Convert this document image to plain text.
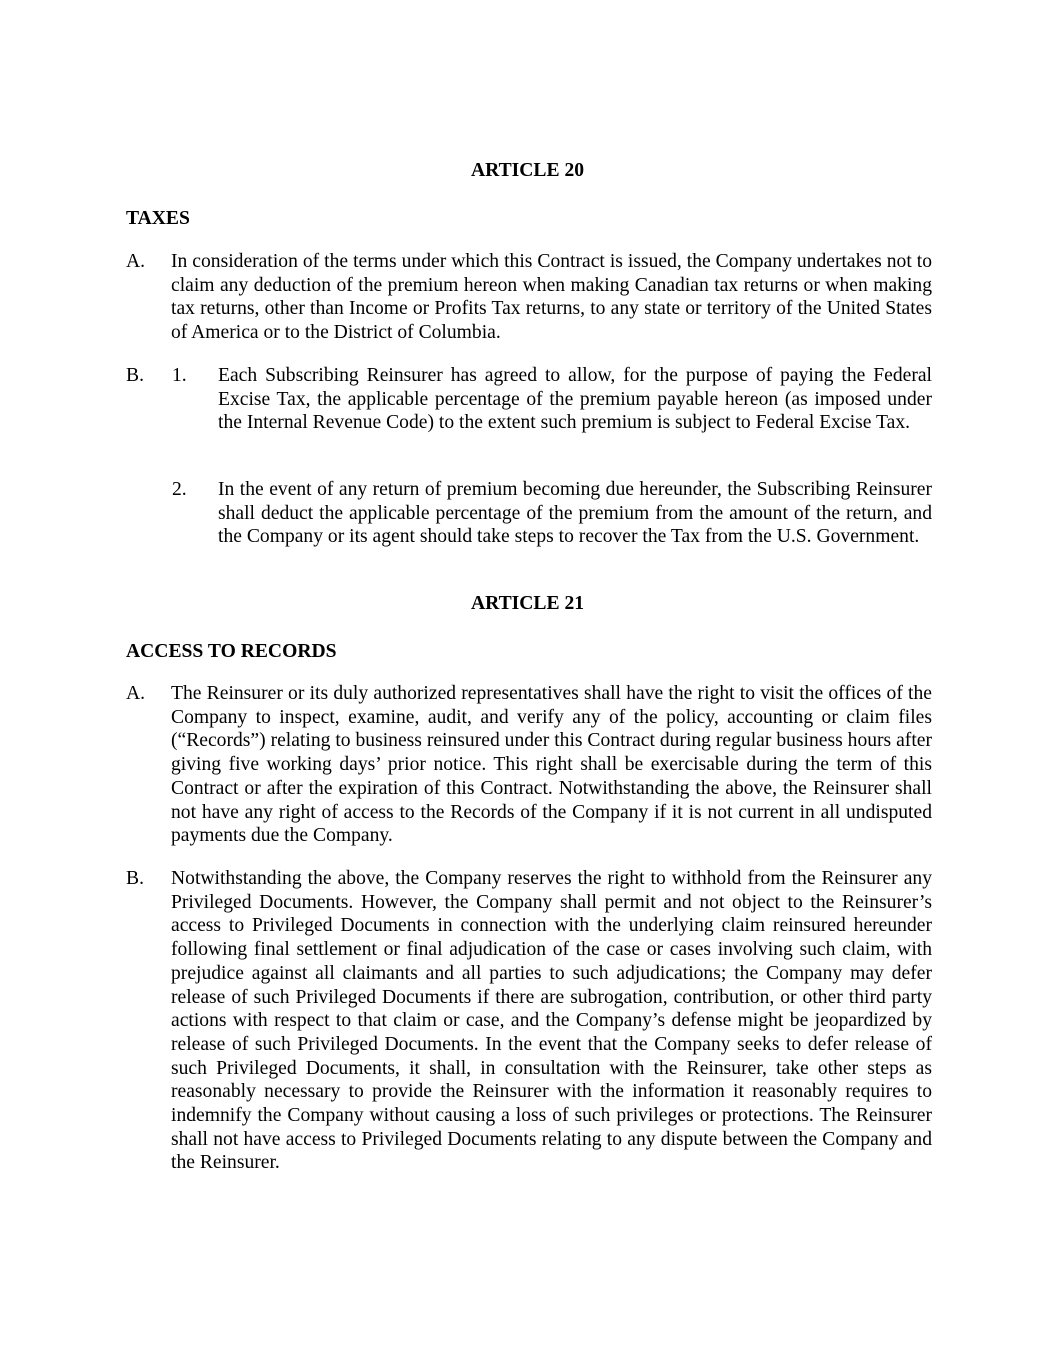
ARTICLE 20
TAXES
A. In consideration of the terms under which this Contract is issued, the Company undertakes not to claim any deduction of the premium hereon when making Canadian tax returns or when making tax returns, other than Income or Profits Tax returns, to any state or territory of the United States of America or to the District of Columbia.
B. 1. Each Subscribing Reinsurer has agreed to allow, for the purpose of paying the Federal Excise Tax, the applicable percentage of the premium payable hereon (as imposed under the Internal Revenue Code) to the extent such premium is subject to Federal Excise Tax.
2. In the event of any return of premium becoming due hereunder, the Subscribing Reinsurer shall deduct the applicable percentage of the premium from the amount of the return, and the Company or its agent should take steps to recover the Tax from the U.S. Government.
ARTICLE 21
ACCESS TO RECORDS
A. The Reinsurer or its duly authorized representatives shall have the right to visit the offices of the Company to inspect, examine, audit, and verify any of the policy, accounting or claim files (“Records”) relating to business reinsured under this Contract during regular business hours after giving five working days’ prior notice. This right shall be exercisable during the term of this Contract or after the expiration of this Contract. Notwithstanding the above, the Reinsurer shall not have any right of access to the Records of the Company if it is not current in all undisputed payments due the Company.
B. Notwithstanding the above, the Company reserves the right to withhold from the Reinsurer any Privileged Documents. However, the Company shall permit and not object to the Reinsurer’s access to Privileged Documents in connection with the underlying claim reinsured hereunder following final settlement or final adjudication of the case or cases involving such claim, with prejudice against all claimants and all parties to such adjudications; the Company may defer release of such Privileged Documents if there are subrogation, contribution, or other third party actions with respect to that claim or case, and the Company’s defense might be jeopardized by release of such Privileged Documents. In the event that the Company seeks to defer release of such Privileged Documents, it shall, in consultation with the Reinsurer, take other steps as reasonably necessary to provide the Reinsurer with the information it reasonably requires to indemnify the Company without causing a loss of such privileges or protections. The Reinsurer shall not have access to Privileged Documents relating to any dispute between the Company and the Reinsurer.
